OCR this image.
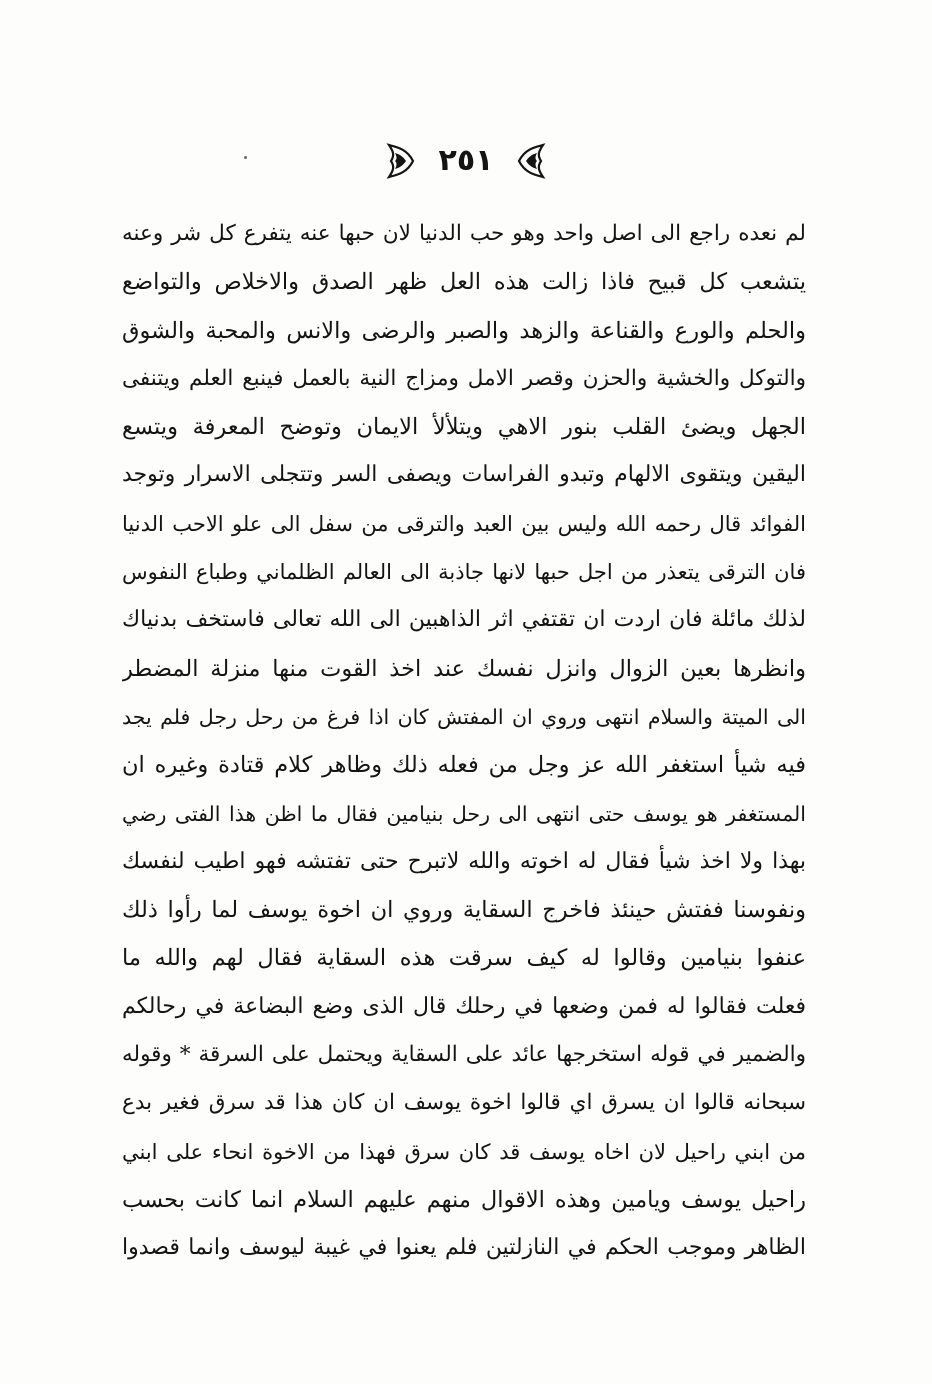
٢٥١
لم نعده راجع الى اصل واحد وهو حب الدنيا لان حبها عنه يتفرع كل شر وعنه
يتشعب كل قبيح فاذا زالت هذه العل ظهر الصدق والاخلاص والتواضع
والحلم والورع والقناعة والزهد والصبر والرضى والانس والمحبة والشوق
والتوكل والخشية والحزن وقصر الامل ومزاج النية بالعمل فينبع العلم ويتنفى
الجهل ويضئ القلب بنور الاهي ويتلألأ الايمان وتوضح المعرفة ويتسع
اليقين ويتقوى الالهام وتبدو الفراسات ويصفى السر وتتجلى الاسرار وتوجد
الفوائد قال رحمه الله وليس بين العبد والترقى من سفل الى علو الاحب الدنيا
فان الترقى يتعذر من اجل حبها لانها جاذبة الى العالم الظلماني وطباع النفوس
لذلك مائلة فان اردت ان تقتفي اثر الذاهبين الى الله تعالى فاستخف بدنياك
وانظرها بعين الزوال وانزل نفسك عند اخذ القوت منها منزلة المضطر
الى الميتة والسلام انتهى وروي ان المفتش كان اذا فرغ من رحل رجل فلم يجد
فيه شيأ استغفر الله عز وجل من فعله ذلك وظاهر كلام قتادة وغيره ان
المستغفر هو يوسف حتى انتهى الى رحل بنيامين فقال ما اظن هذا الفتى رضي
بهذا ولا اخذ شيأ فقال له اخوته والله لاتبرح حتى تفتشه فهو اطيب لنفسك
ونفوسنا ففتش حينئذ فاخرج السقاية وروي ان اخوة يوسف لما رأوا ذلك
عنفوا بنيامين وقالوا له كيف سرقت هذه السقاية فقال لهم والله ما
فعلت فقالوا له فمن وضعها في رحلك قال الذى وضع البضاعة في رحالكم
والضمير في قوله استخرجها عائد على السقاية ويحتمل على السرقة * وقوله
سبحانه قالوا ان يسرق اي قالوا اخوة يوسف ان كان هذا قد سرق فغير بدع
من ابني راحيل لان اخاه يوسف قد كان سرق فهذا من الاخوة انحاء على ابني
راحيل يوسف ويامين وهذه الاقوال منهم عليهم السلام انما كانت بحسب
الظاهر وموجب الحكم في النازلتين فلم يعنوا في غيبة ليوسف وانما قصدوا
